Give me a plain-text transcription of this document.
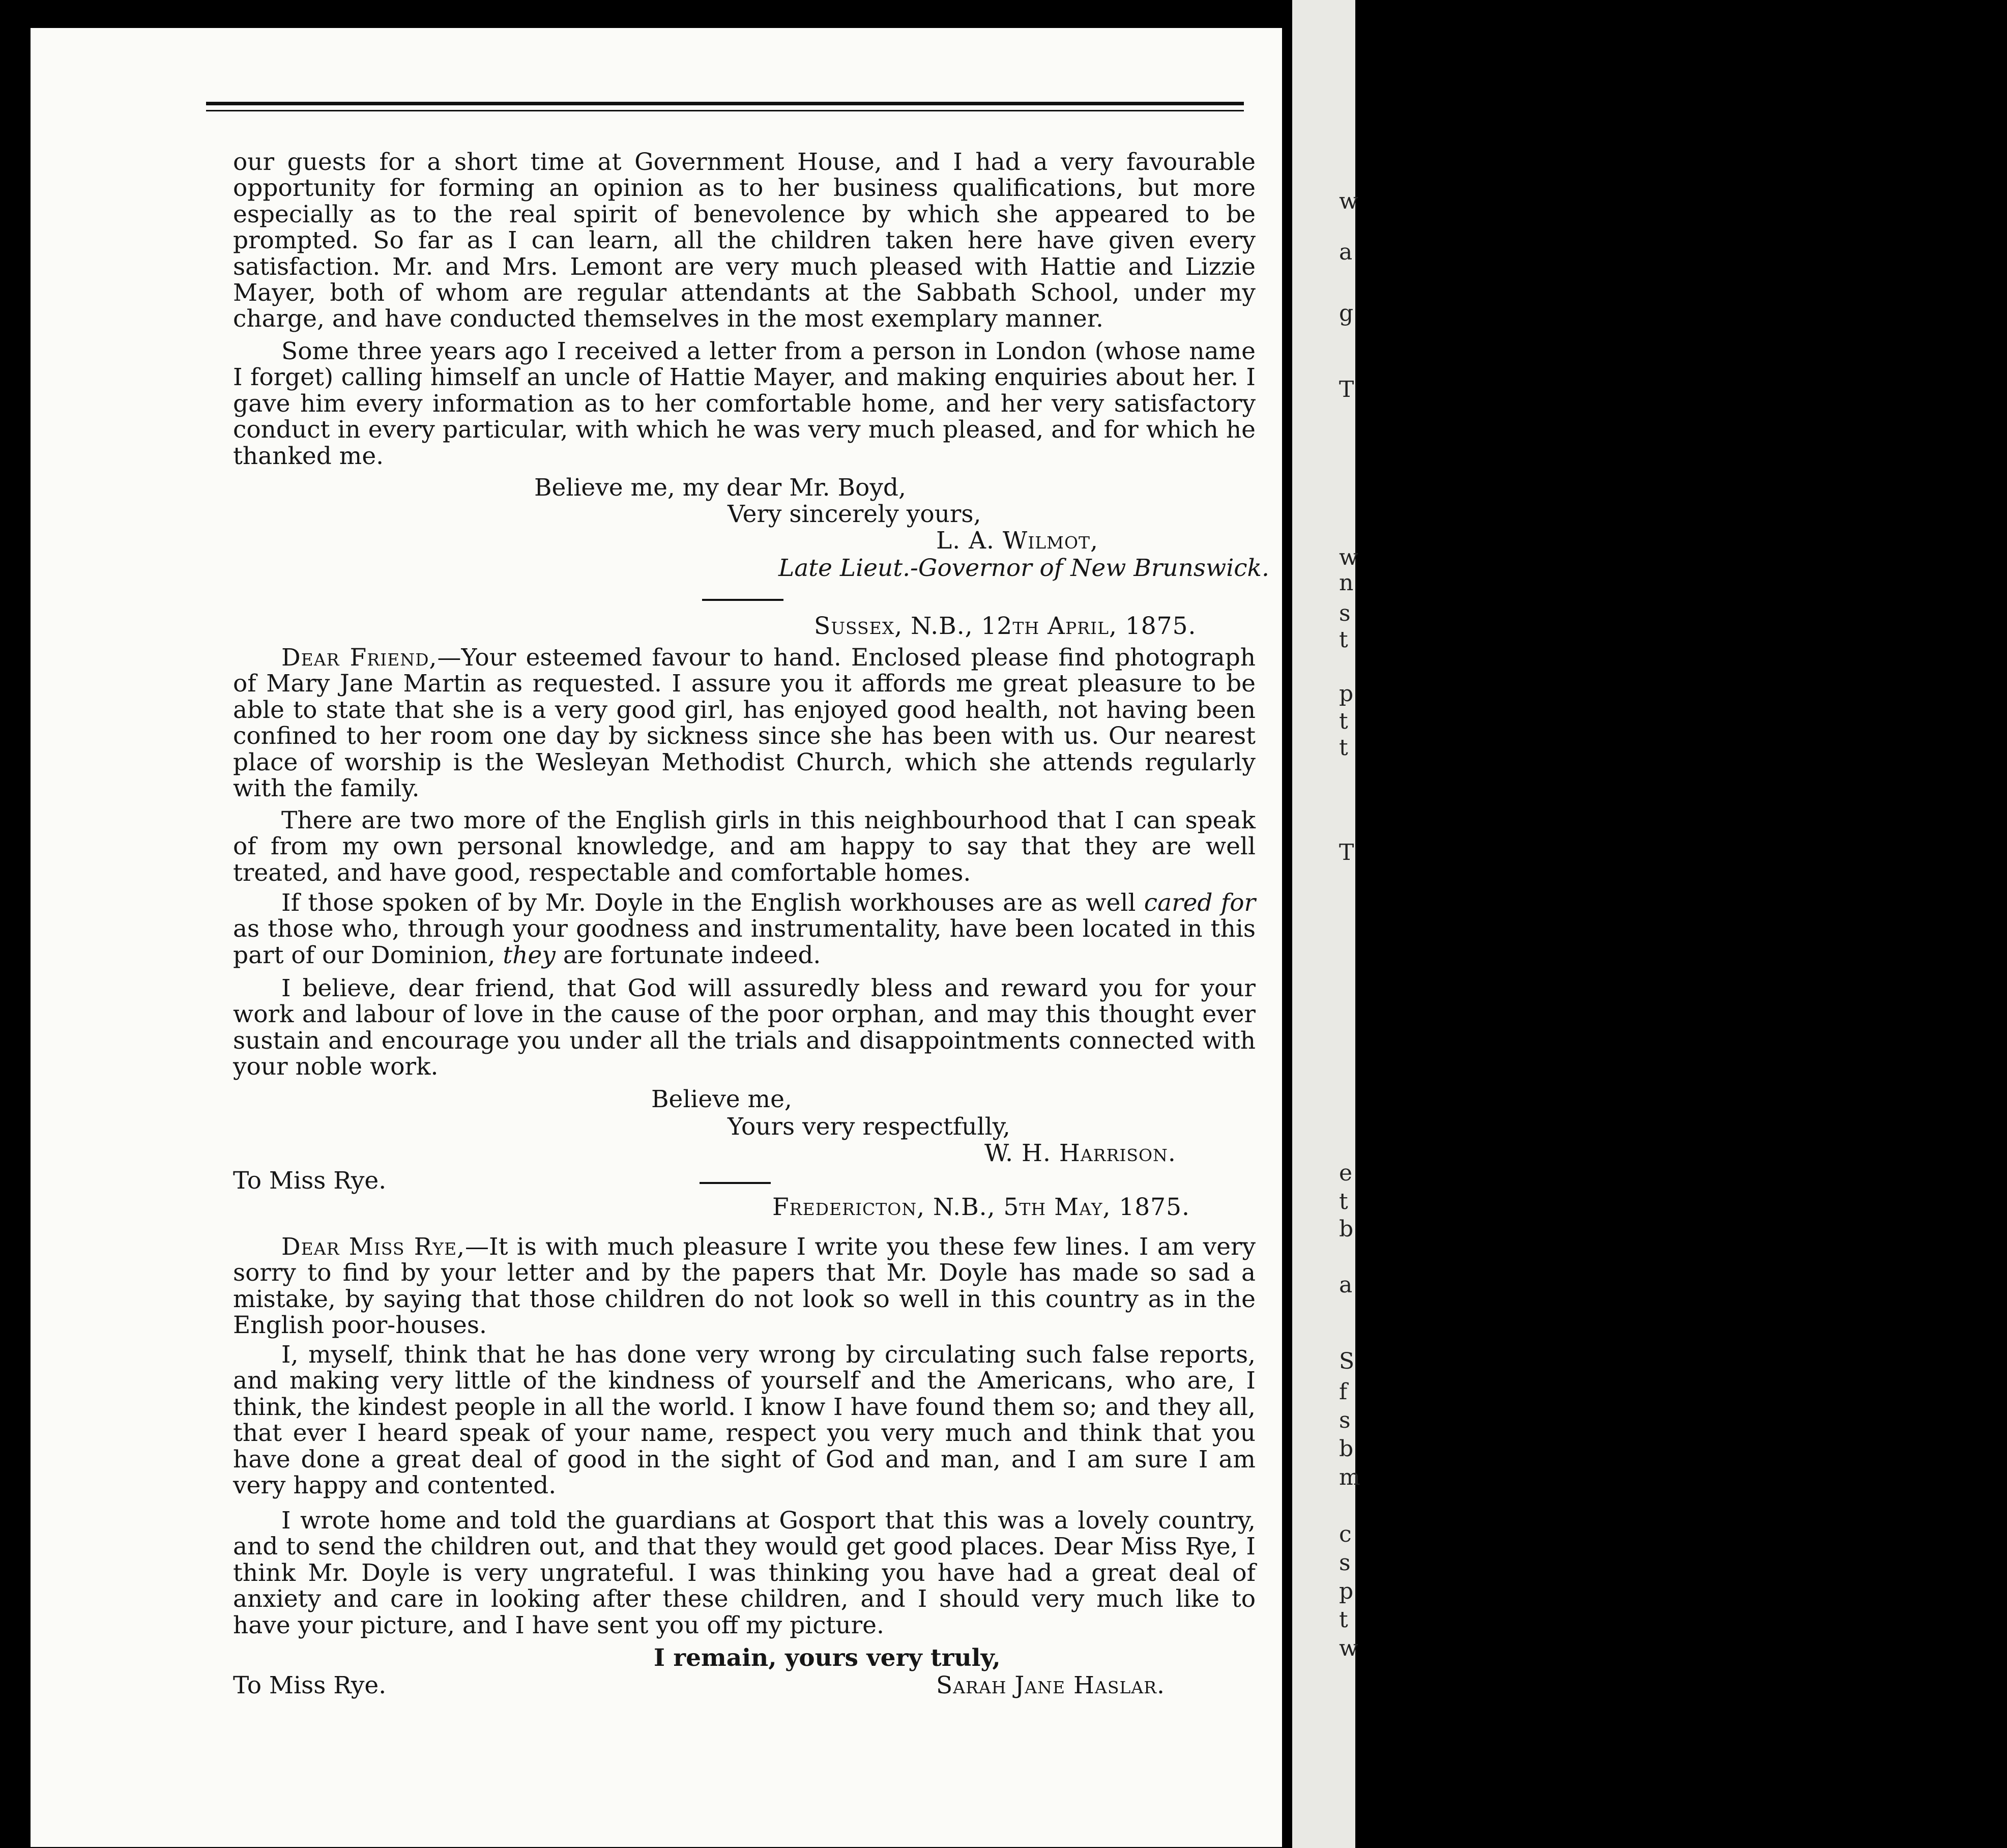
our guests for a short time at Government House, and I had a very favourable opportunity for forming an opinion as to her business qualifications, but more especially as to the real spirit of benevolence by which she appeared to be prompted. So far as I can learn, all the children taken here have given every satisfaction. Mr. and Mrs. Lemont are very much pleased with Hattie and Lizzie Mayer, both of whom are regular attendants at the Sabbath School, under my charge, and have conducted themselves in the most exemplary manner.
Some three years ago I received a letter from a person in London (whose name I forget) calling himself an uncle of Hattie Mayer, and making enquiries about her. I gave him every information as to her comfortable home, and her very satisfactory conduct in every particular, with which he was very much pleased, and for which he thanked me.
Believe me, my dear Mr. Boyd,
Very sincerely yours,
L. A. Wilmot,
Late Lieut.-Governor of New Brunswick.
Sussex, N.B., 12th April, 1875.
Dear Friend,—Your esteemed favour to hand. Enclosed please find photograph of Mary Jane Martin as requested. I assure you it affords me great pleasure to be able to state that she is a very good girl, has enjoyed good health, not having been confined to her room one day by sickness since she has been with us. Our nearest place of worship is the Wesleyan Methodist Church, which she attends regularly with the family.
There are two more of the English girls in this neighbourhood that I can speak of from my own personal knowledge, and am happy to say that they are well treated, and have good, respectable and comfortable homes.
If those spoken of by Mr. Doyle in the English workhouses are as well cared for as those who, through your goodness and instrumentality, have been located in this part of our Dominion, they are fortunate indeed.
I believe, dear friend, that God will assuredly bless and reward you for your work and labour of love in the cause of the poor orphan, and may this thought ever sustain and encourage you under all the trials and disappointments connected with your noble work.
Believe me,
Yours very respectfully,
W. H. Harrison.
To Miss Rye.
Fredericton, N.B., 5th May, 1875.
Dear Miss Rye,—It is with much pleasure I write you these few lines. I am very sorry to find by your letter and by the papers that Mr. Doyle has made so sad a mistake, by saying that those children do not look so well in this country as in the English poor-houses.
I, myself, think that he has done very wrong by circulating such false reports, and making very little of the kindness of yourself and the Americans, who are, I think, the kindest people in all the world. I know I have found them so; and they all, that ever I heard speak of your name, respect you very much and think that you have done a great deal of good in the sight of God and man, and I am sure I am very happy and contented.
I wrote home and told the guardians at Gosport that this was a lovely country, and to send the children out, and that they would get good places. Dear Miss Rye, I think Mr. Doyle is very ungrateful. I was thinking you have had a great deal of anxiety and care in looking after these children, and I should very much like to have your picture, and I have sent you off my picture.
I remain, yours very truly,
To Miss Rye.	Sarah Jane Haslar.
w
a
g
T
w
n
s
t
p
t
t
T
e
t
b
a
S
f
s
b
m
c
s
p
t
w
